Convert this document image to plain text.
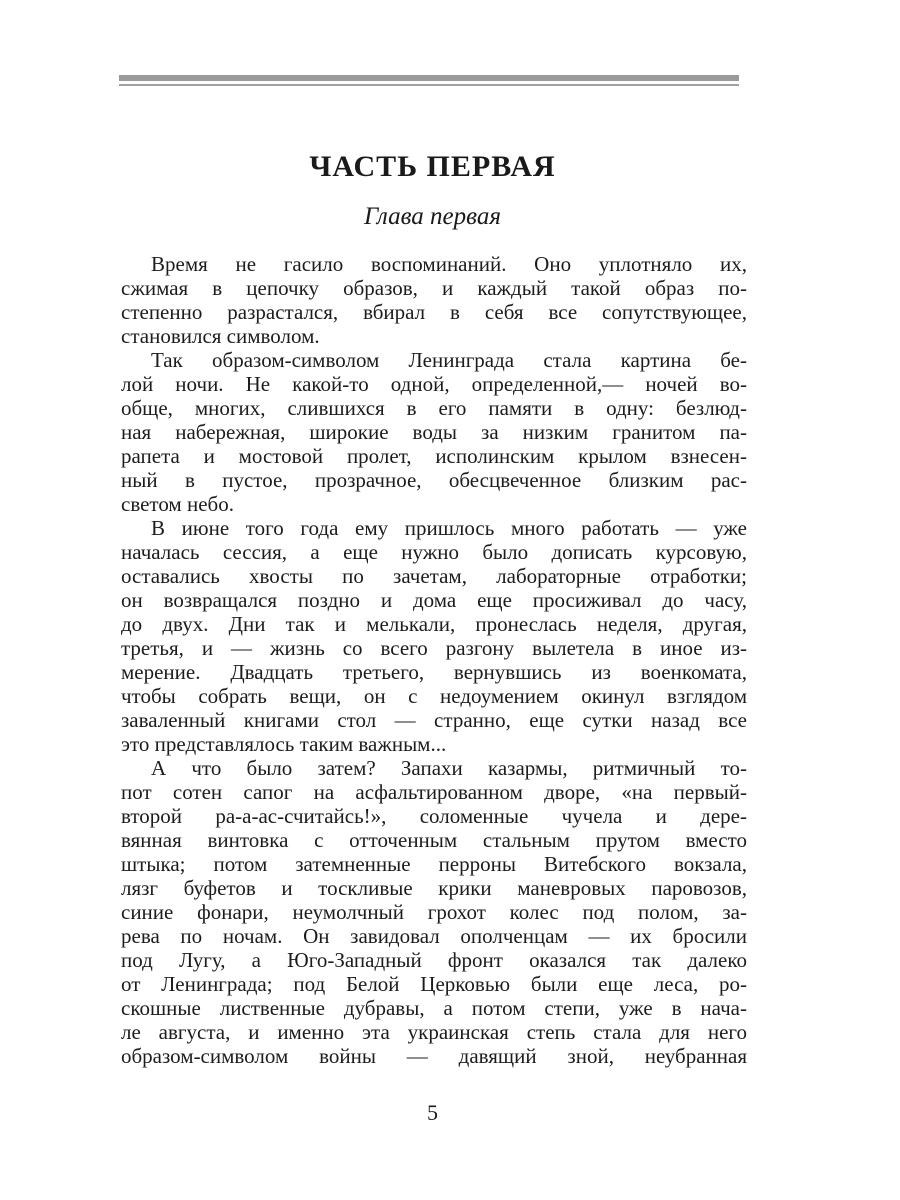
ЧАСТЬ ПЕРВАЯ
Глава первая
Время не гасило воспоминаний. Оно уплотняло их,
сжимая в цепочку образов, и каждый такой образ по-
степенно разрастался, вбирал в себя все сопутствующее,
становился символом.
Так образом-символом Ленинграда стала картина бе-
лой ночи. Не какой-то одной, определенной,— ночей во-
обще, многих, слившихся в его памяти в одну: безлюд-
ная набережная, широкие воды за низким гранитом па-
рапета и мостовой пролет, исполинским крылом взнесен-
ный в пустое, прозрачное, обесцвеченное близким рас-
светом небо.
В июне того года ему пришлось много работать — уже
началась сессия, а еще нужно было дописать курсовую,
оставались хвосты по зачетам, лабораторные отработки;
он возвращался поздно и дома еще просиживал до часу,
до двух. Дни так и мелькали, пронеслась неделя, другая,
третья, и — жизнь со всего разгону вылетела в иное из-
мерение. Двадцать третьего, вернувшись из военкомата,
чтобы собрать вещи, он с недоумением окинул взглядом
заваленный книгами стол — странно, еще сутки назад все
это представлялось таким важным...
А что было затем? Запахи казармы, ритмичный то-
пот сотен сапог на асфальтированном дворе, «на первый-
второй ра-а-ас-считайсь!», соломенные чучела и дере-
вянная винтовка с отточенным стальным прутом вместо
штыка; потом затемненные перроны Витебского вокзала,
лязг буфетов и тоскливые крики маневровых паровозов,
синие фонари, неумолчный грохот колес под полом, за-
рева по ночам. Он завидовал ополченцам — их бросили
под Лугу, а Юго-Западный фронт оказался так далеко
от Ленинграда; под Белой Церковью были еще леса, ро-
скошные лиственные дубравы, а потом степи, уже в нача-
ле августа, и именно эта украинская степь стала для него
образом-символом войны — давящий зной, неубранная
5
